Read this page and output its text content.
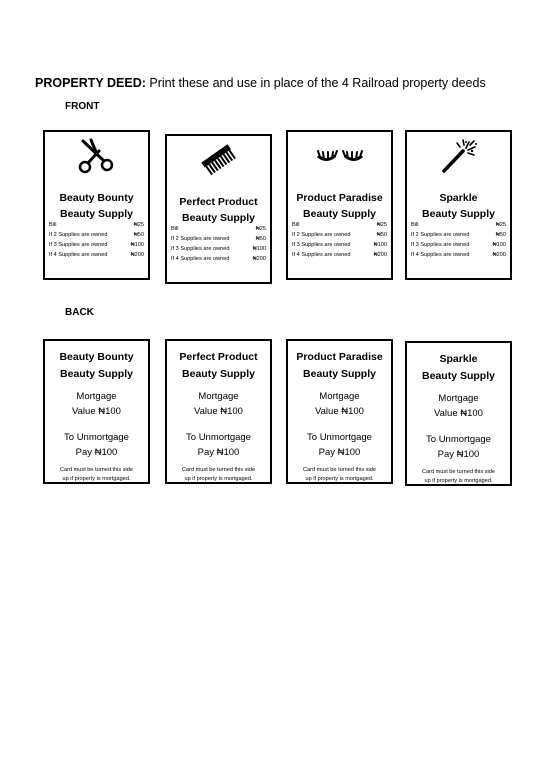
PROPERTY DEED: Print these and use in place of the 4 Railroad property deeds
FRONT
BACK
Beauty Bounty
Beauty Supply
Bill	₦25
If 2 Supplies are owned	₦50
If 3 Supplies are owned	₦100
If 4 Supplies are owned	₦200
Perfect Product
Beauty Supply
Bill	₦25
If 2 Supplies are owned	₦50
If 3 Supplies are owned	₦100
If 4 Supplies are owned	₦200
Product Paradise
Beauty Supply
Bill	₦25
If 2 Supplies are owned	₦50
If 3 Supplies are owned	₦100
If 4 Supplies are owned	₦200
Sparkle
Beauty Supply
Bill	₦25
If 2 Supplies are owned	₦50
If 3 Supplies are owned	₦100
If 4 Supplies are owned	₦200
Beauty Bounty
Beauty Supply
Mortgage
Value ₦100
To Unmortgage
Pay ₦100
Card must be turned this side
up if property is mortgaged.
Perfect Product
Beauty Supply
Mortgage
Value ₦100
To Unmortgage
Pay ₦100
Card must be turned this side
up if property is mortgaged.
Product Paradise
Beauty Supply
Mortgage
Value ₦100
To Unmortgage
Pay ₦100
Card must be turned this side
up if property is mortgaged.
Sparkle
Beauty Supply
Mortgage
Value ₦100
To Unmortgage
Pay ₦100
Card must be turned this side
up if property is mortgaged.
